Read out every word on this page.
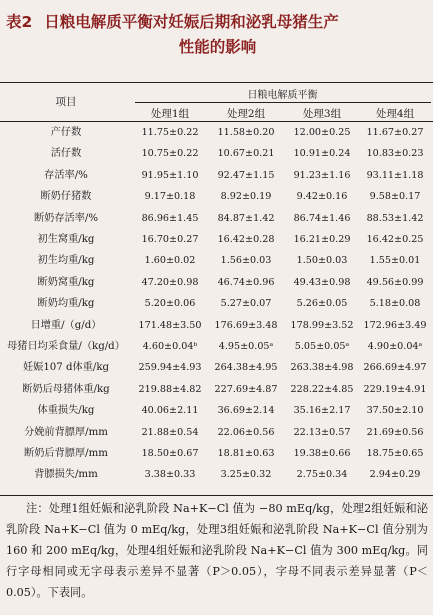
表2 日粮电解质平衡对妊娠后期和泌乳母猪生产
性能的影响
项目
日粮电解质平衡
处理1组	处理2组	处理3组	处理4组
产仔数	11.75±0.22	11.58±0.20	12.00±0.25	11.67±0.27
活仔数	10.75±0.22	10.67±0.21	10.91±0.24	10.83±0.23
存活率/%	91.95±1.10	92.47±1.15	91.23±1.16	93.11±1.18
断奶仔猪数	9.17±0.18	8.92±0.19	9.42±0.16	9.58±0.17
断奶存活率/%	86.96±1.45	84.87±1.42	86.74±1.46	88.53±1.42
初生窝重/kg	16.70±0.27	16.42±0.28	16.21±0.29	16.42±0.25
初生均重/kg	1.60±0.02	1.56±0.03	1.50±0.03	1.55±0.01
断奶窝重/kg	47.20±0.98	46.74±0.96	49.43±0.98	49.56±0.99
断奶均重/kg	5.20±0.06	5.27±0.07	5.26±0.05	5.18±0.08
日增重/（g/d）	171.48±3.50	176.69±3.48	178.99±3.52	172.96±3.49
母猪日均采食量/（kg/d）	4.60±0.04ᵇ	4.95±0.05ᵃ	5.05±0.05ᵃ	4.90±0.04ᵃ
妊娠107 d体重/kg	259.94±4.93	264.38±4.95	263.38±4.98	266.69±4.97
断奶后母猪体重/kg	219.88±4.82	227.69±4.87	228.22±4.85	229.19±4.91
体重损失/kg	40.06±2.11	36.69±2.14	35.16±2.17	37.50±2.10
分娩前背膘厚/mm	21.88±0.54	22.06±0.56	22.13±0.57	21.69±0.56
断奶后背膘厚/mm	18.50±0.67	18.81±0.63	19.38±0.66	18.75±0.65
背膘损失/mm	3.38±0.33	3.25±0.32	2.75±0.34	2.94±0.29
注：处理1组妊娠和泌乳阶段 Na+K−Cl 值为 −80 mEq/kg，处理2组妊娠和泌乳阶段 Na+K−Cl 值为 0 mEq/kg，处理3组妊娠和泌乳阶段 Na+K−Cl 值分别为 160 和 200 mEq/kg，处理4组妊娠和泌乳阶段 Na+K−Cl 值为 300 mEq/kg。同行字母相同或无字母表示差异不显著（P＞0.05），字母不同表示差异显著（P＜0.05）。下表同。
